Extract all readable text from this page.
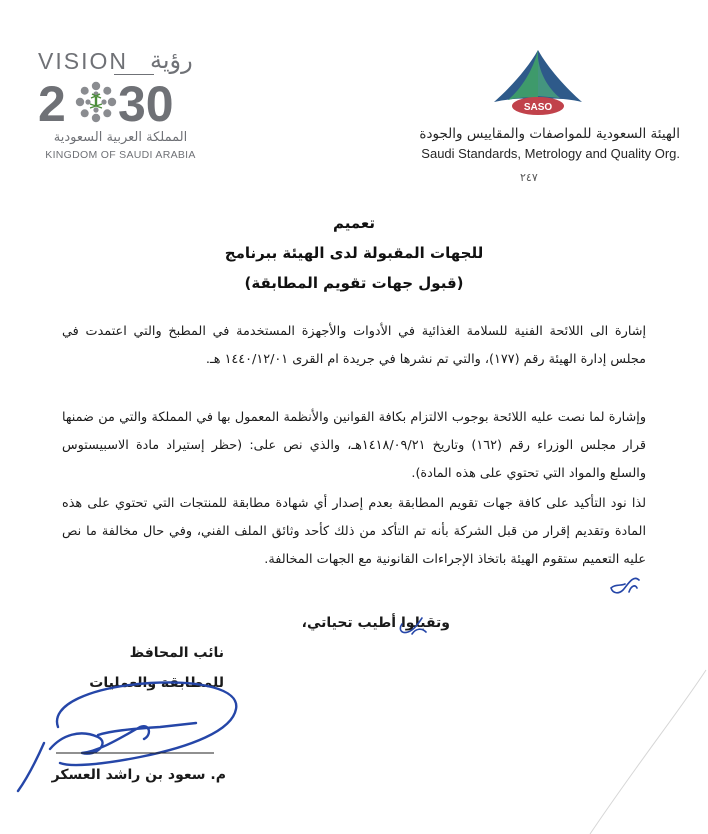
VISION رؤية
2 30
المملكة العربية السعودية
KINGDOM OF SAUDI ARABIA
SASO
الهيئة السعودية للمواصفات والمقاييس والجودة
Saudi Standards, Metrology and Quality Org.
٢٤٧
تعميم
للجهات المقبولة لدى الهيئة ببرنامج
(قبول جهات تقويم المطابقة)
إشارة الى اللائحة الفنية للسلامة الغذائية في الأدوات والأجهزة المستخدمة في المطبخ والتي اعتمدت في مجلس إدارة الهيئة رقم (١٧٧)، والتي تم نشرها في جريدة ام القرى ١٤٤٠/١٢/٠١ هـ.
وإشارة لما نصت عليه اللائحة بوجوب الالتزام بكافة القوانين والأنظمة المعمول بها في المملكة والتي من ضمنها قرار مجلس الوزراء رقم (١٦٢) وتاريخ ١٤١٨/٠٩/٢١هـ، والذي نص على: (حظر إستيراد مادة الاسبيستوس والسلع والمواد التي تحتوي على هذه المادة).
لذا نود التأكيد على كافة جهات تقويم المطابقة بعدم إصدار أي شهادة مطابقة للمنتجات التي تحتوي على هذه المادة وتقديم إقرار من قبل الشركة بأنه تم التأكد من ذلك كأحد وثائق الملف الفني، وفي حال مخالفة ما نص عليه التعميم ستقوم الهيئة باتخاذ الإجراءات القانونية مع الجهات المخالفة.
وتقبلوا أطيب تحياتي،
نائب المحافظ
للمطابقة والعمليات
م. سعود بن راشد العسكر
